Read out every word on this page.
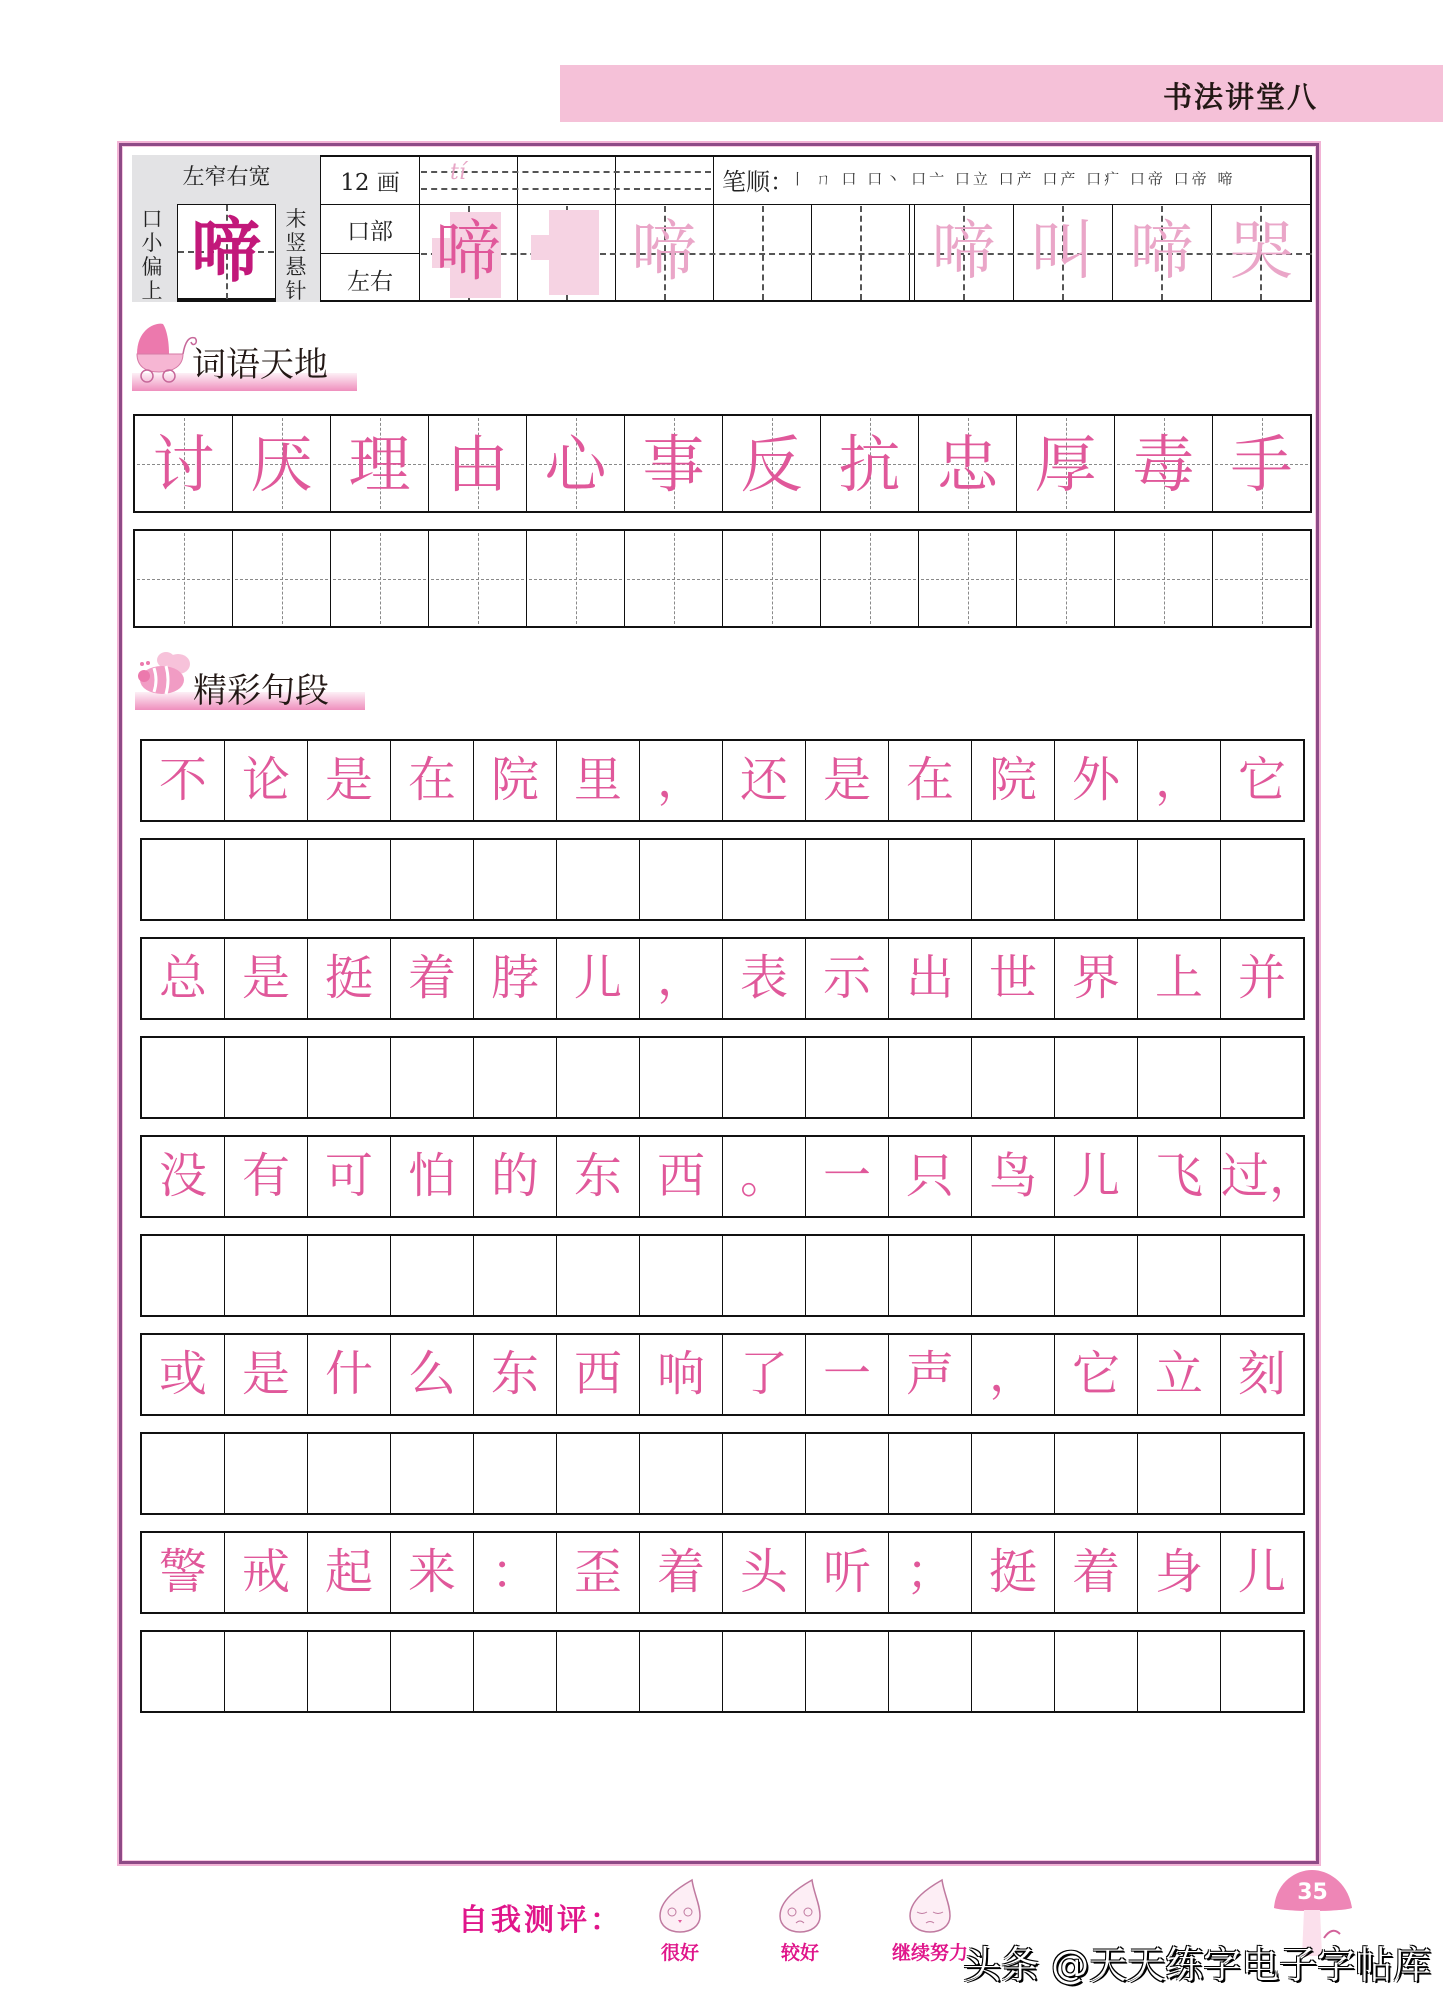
书法讲堂八
左窄右宽
口小偏上
末竖悬针
啼
12 画
口部
左右
tí	笔顺：
丨 ㄇ 口 口丶 口亠 口立 口产 口产 口疒 口帝 口帝 啼
啼 啼	啼 叫 啼 哭
词语天地
讨 厌 理 由 心 事 反 抗 忠 厚 毒 手
精彩句段
不 论 是 在 院 里 ， 还 是 在 院 外 ， 它
总 是 挺 着 脖 儿 ， 表 示 出 世 界 上 并
没 有 可 怕 的 东 西 。 一 只 鸟 儿 飞 过，
或 是 什 么 东 西 响 了 一 声 ， 它 立 刻
警 戒 起 来 ： 歪 着 头 听 ； 挺 着 身 儿
自我测评：
很好	较好	继续努力
35
头条 @天天练字电子字帖库
